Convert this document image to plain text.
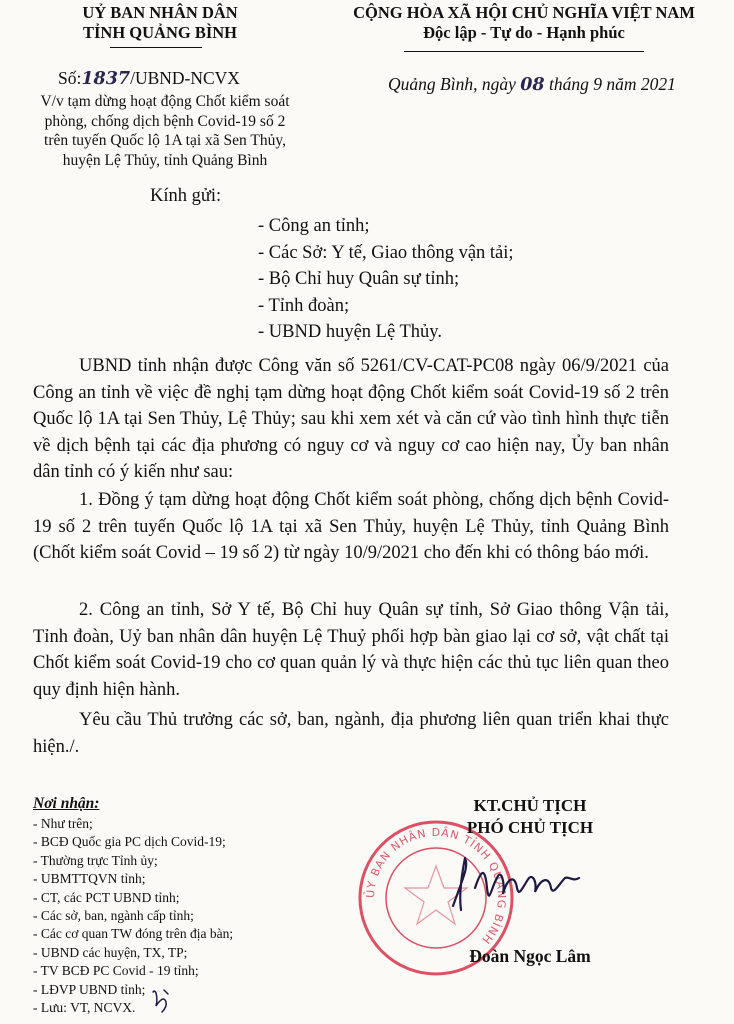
UỶ BAN NHÂN DÂN
TỈNH QUẢNG BÌNH
Số:1837/UBND-NCVX
V/v tạm dừng hoạt động Chốt kiểm soát
phòng, chống dịch bệnh Covid-19 số 2
trên tuyến Quốc lộ 1A tại xã Sen Thủy,
huyện Lệ Thủy, tỉnh Quảng Bình
CỘNG HÒA XÃ HỘI CHỦ NGHĨA VIỆT NAM
Độc lập - Tự do - Hạnh phúc
Quảng Bình, ngày 08 tháng 9 năm 2021
Kính gửi:
- Công an tỉnh;
- Các Sở: Y tế, Giao thông vận tải;
- Bộ Chỉ huy Quân sự tỉnh;
- Tỉnh đoàn;
- UBND huyện Lệ Thủy.

UBND tỉnh nhận được Công văn số 5261/CV-CAT-PC08 ngày 06/9/2021 của Công an tỉnh về việc đề nghị tạm dừng hoạt động Chốt kiểm soát Covid-19 số 2 trên Quốc lộ 1A tại Sen Thủy, Lệ Thủy; sau khi xem xét và căn cứ vào tình hình thực tiễn về dịch bệnh tại các địa phương có nguy cơ và nguy cơ cao hiện nay, Ủy ban nhân dân tỉnh có ý kiến như sau:

1. Đồng ý tạm dừng hoạt động Chốt kiểm soát phòng, chống dịch bệnh Covid-19 số 2 trên tuyến Quốc lộ 1A tại xã Sen Thủy, huyện Lệ Thủy, tỉnh Quảng Bình (Chốt kiểm soát Covid – 19 số 2) từ ngày 10/9/2021 cho đến khi có thông báo mới.

2. Công an tỉnh, Sở Y tế, Bộ Chỉ huy Quân sự tỉnh, Sở Giao thông Vận tải, Tỉnh đoàn, Uỷ ban nhân dân huyện Lệ Thuỷ phối hợp bàn giao lại cơ sở, vật chất tại Chốt kiểm soát Covid-19 cho cơ quan quản lý và thực hiện các thủ tục liên quan theo quy định hiện hành.

Yêu cầu Thủ trưởng các sở, ban, ngành, địa phương liên quan triển khai thực hiện./.

Nơi nhận:
- Như trên;
- BCĐ Quốc gia PC dịch Covid-19;
- Thường trực Tỉnh ủy;
- UBMTTQVN tỉnh;
- CT, các PCT UBND tỉnh;
- Các sở, ban, ngành cấp tỉnh;
- Các cơ quan TW đóng trên địa bàn;
- UBND các huyện, TX, TP;
- TV BCĐ PC Covid - 19 tỉnh;
- LĐVP UBND tỉnh;
- Lưu: VT, NCVX.
ỦY BAN NHÂN DÂN TỈNH QUẢNG BÌNH
KT.CHỦ TỊCH
PHÓ CHỦ TỊCH
Đoàn Ngọc Lâm
